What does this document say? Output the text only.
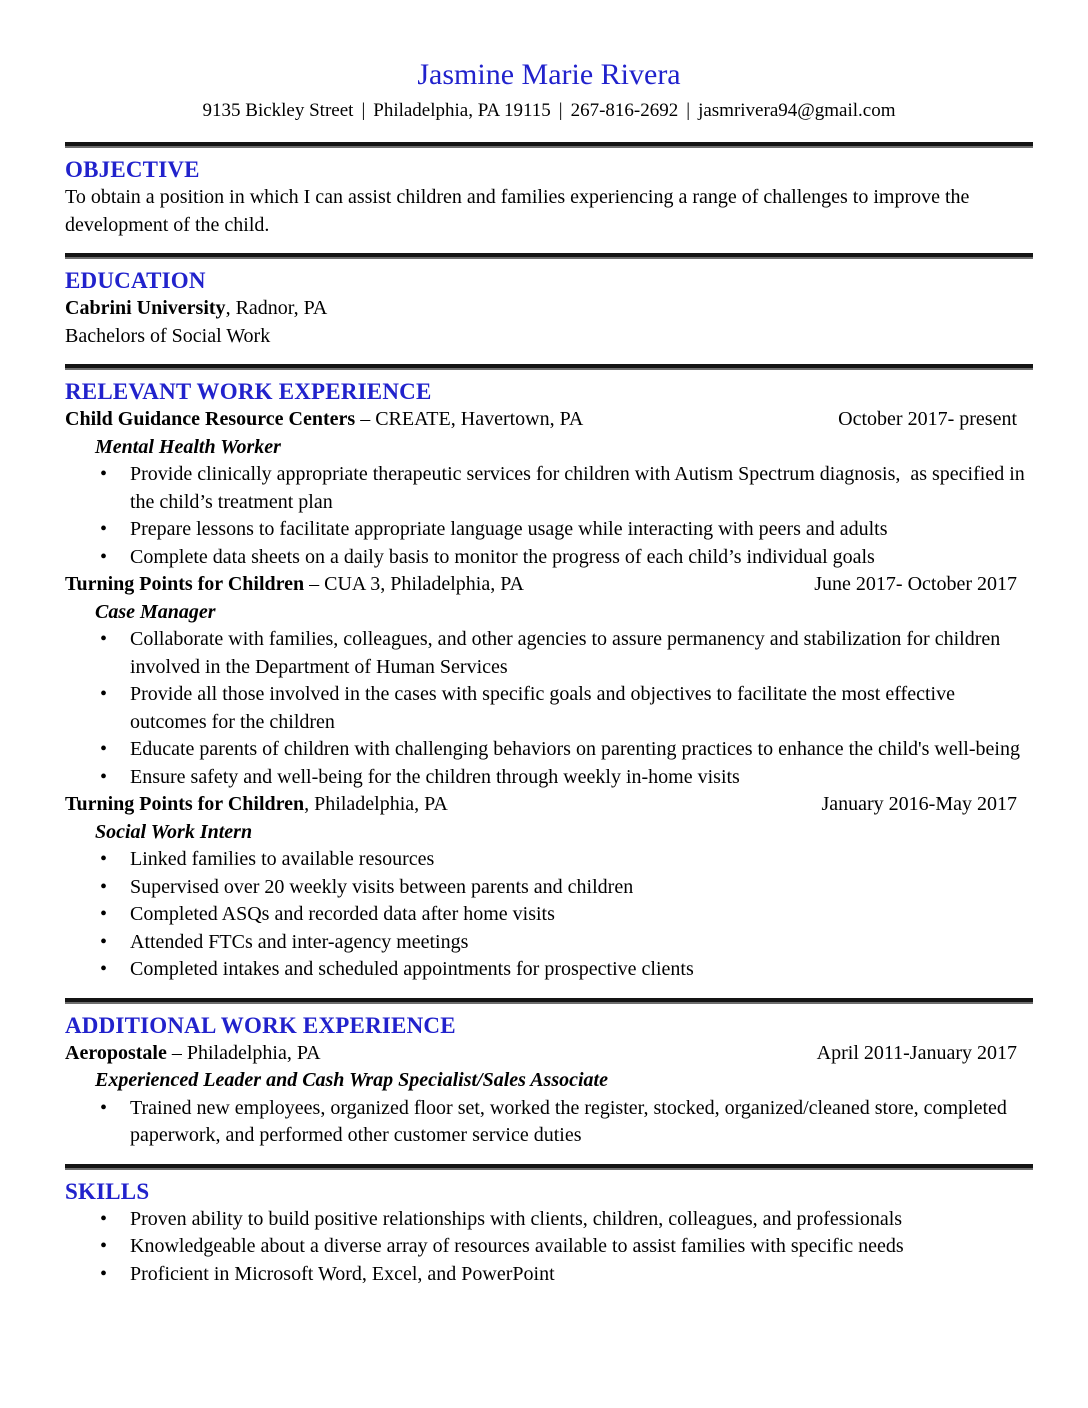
Jasmine Marie Rivera
9135 Bickley Street | Philadelphia, PA 19115 | 267-816-2692 | jasmrivera94@gmail.com
OBJECTIVE

To obtain a position in which I can assist children and families experiencing a range of challenges to improve the development of the child.

EDUCATION
Cabrini University, Radnor, PA
Bachelors of Social Work
RELEVANT WORK EXPERIENCE
Child Guidance Resource Centers – CREATE, Havertown, PA	October 2017- present
Mental Health Worker
•	Provide clinically appropriate therapeutic services for children with Autism Spectrum diagnosis,  as specified in the child’s treatment plan
•	Prepare lessons to facilitate appropriate language usage while interacting with peers and adults
•	Complete data sheets on a daily basis to monitor the progress of each child’s individual goals
Turning Points for Children – CUA 3, Philadelphia, PA	June 2017- October 2017
Case Manager
•	Collaborate with families, colleagues, and other agencies to assure permanency and stabilization for children involved in the Department of Human Services
•	Provide all those involved in the cases with specific goals and objectives to facilitate the most effective outcomes for the children
•	Educate parents of children with challenging behaviors on parenting practices to enhance the child's well-being
•	Ensure safety and well-being for the children through weekly in-home visits
Turning Points for Children, Philadelphia, PA	January 2016-May 2017
Social Work Intern
•	Linked families to available resources
•	Supervised over 20 weekly visits between parents and children
•	Completed ASQs and recorded data after home visits
•	Attended FTCs and inter-agency meetings
•	Completed intakes and scheduled appointments for prospective clients
ADDITIONAL WORK EXPERIENCE
Aeropostale – Philadelphia, PA	April 2011-January 2017
Experienced Leader and Cash Wrap Specialist/Sales Associate
•	Trained new employees, organized floor set, worked the register, stocked, organized/cleaned store, completed paperwork, and performed other customer service duties
SKILLS
•	Proven ability to build positive relationships with clients, children, colleagues, and professionals
•	Knowledgeable about a diverse array of resources available to assist families with specific needs
•	Proficient in Microsoft Word, Excel, and PowerPoint
